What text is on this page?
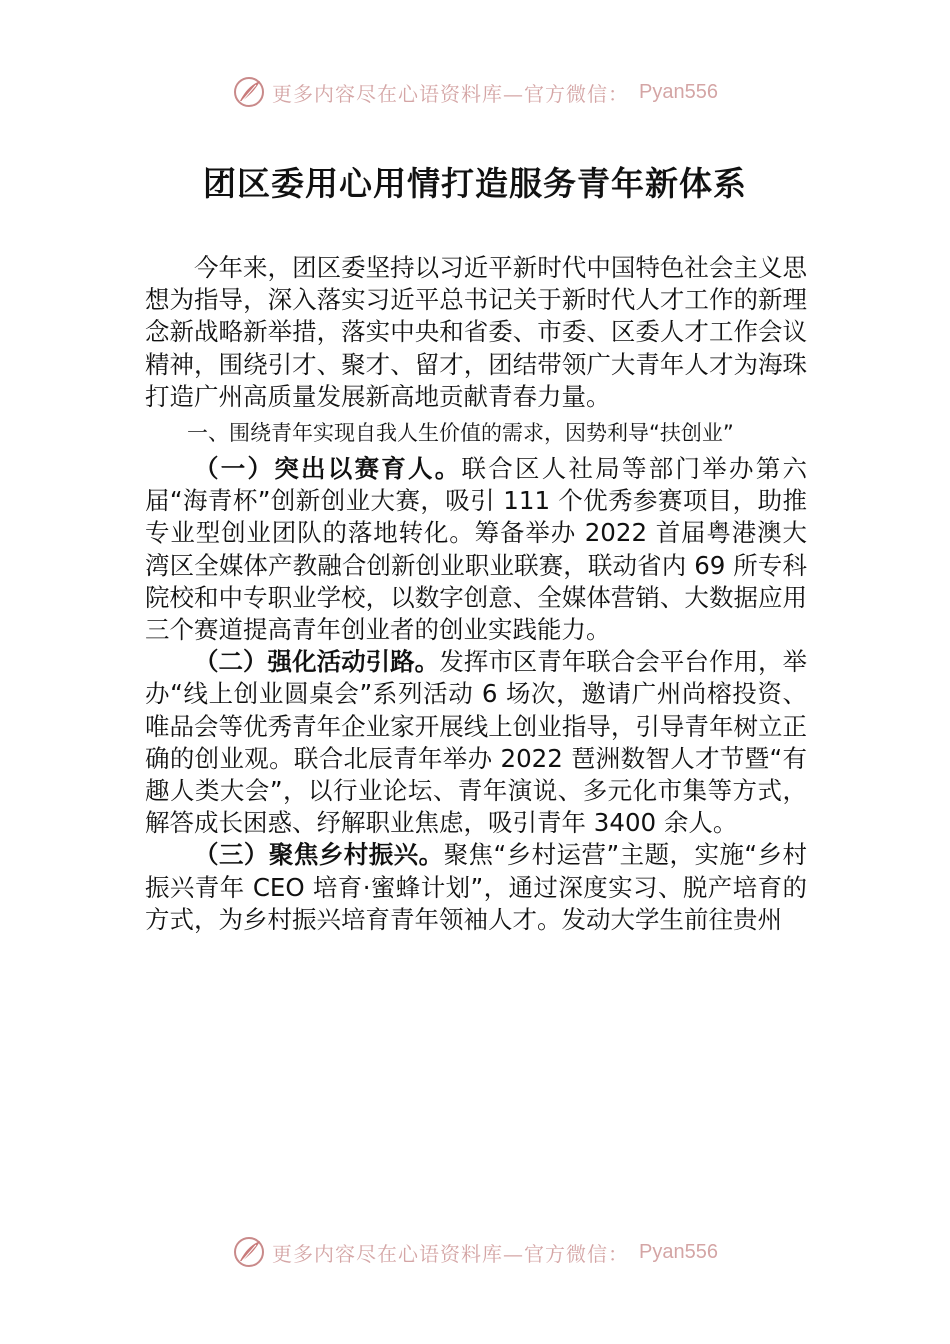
更多内容尽在心语资料库—官方微信： Pyan556
团区委用心用情打造服务青年新体系

今年来，团区委坚持以习近平新时代中国特色社会主义思想为指导，深入落实习近平总书记关于新时代人才工作的新理念新战略新举措，落实中央和省委、市委、区委人才工作会议精神，围绕引才、聚才、留才，团结带领广大青年人才为海珠打造广州高质量发展新高地贡献青春力量。

一、围绕青年实现自我人生价值的需求，因势利导“扶创业”

（一）突出以赛育人。联合区人社局等部门举办第六届“海青杯”创新创业大赛，吸引 111 个优秀参赛项目，助推专业型创业团队的落地转化。筹备举办 2022 首届粤港澳大湾区全媒体产教融合创新创业职业联赛，联动省内 69 所专科院校和中专职业学校，以数字创意、全媒体营销、大数据应用三个赛道提高青年创业者的创业实践能力。

（二）强化活动引路。发挥市区青年联合会平台作用，举办“线上创业圆桌会”系列活动 6 场次，邀请广州尚榕投资、唯品会等优秀青年企业家开展线上创业指导，引导青年树立正确的创业观。联合北辰青年举办 2022 琶洲数智人才节暨“有趣人类大会”，以行业论坛、青年演说、多元化市集等方式，解答成长困惑、纾解职业焦虑，吸引青年 3400 余人。

（三）聚焦乡村振兴。聚焦“乡村运营”主题，实施“乡村振兴青年 CEO 培育·蜜蜂计划”，通过深度实习、脱产培育的方式，为乡村振兴培育青年领袖人才。发动大学生前往贵州

更多内容尽在心语资料库—官方微信： Pyan556
